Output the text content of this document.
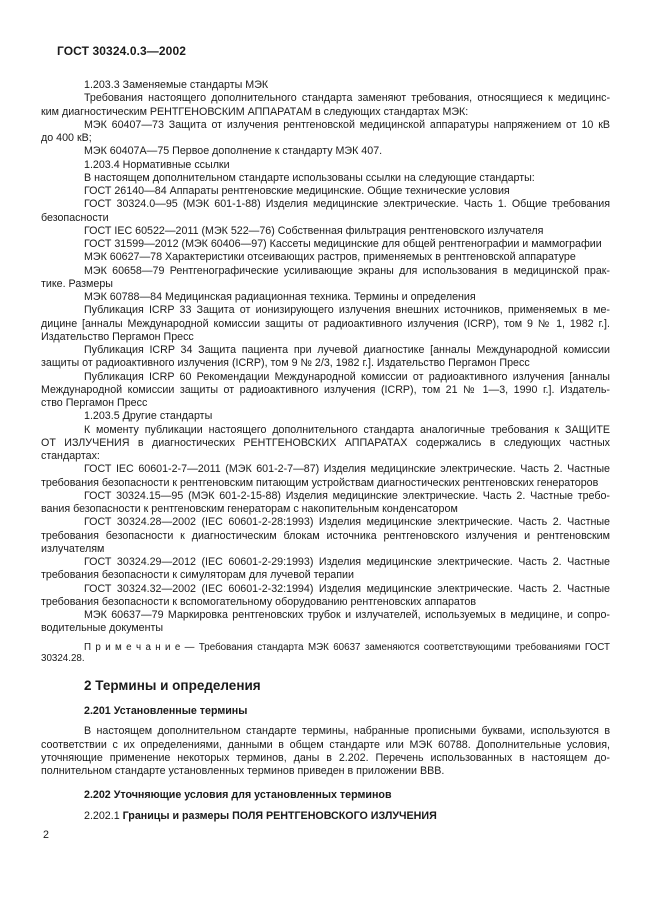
ГОСТ 30324.0.3—2002
1.203.3 Заменяемые стандарты МЭК
Требования настоящего дополнительного стандарта заменяют требования, относящиеся к медицинс-
ким диагностическим РЕНТГЕНОВСКИМ АППАРАТАМ в следующих стандартах МЭК:
МЭК 60407—73 Защита от излучения рентгеновской медицинской аппаратуры напряжением от 10 кВ
до 400 кВ;
МЭК 60407А—75 Первое дополнение к стандарту МЭК 407.
1.203.4 Нормативные ссылки
В настоящем дополнительном стандарте использованы ссылки на следующие стандарты:
ГОСТ 26140—84 Аппараты рентгеновские медицинские. Общие технические условия
ГОСТ 30324.0—95 (МЭК 601-1-88) Изделия медицинские электрические. Часть 1. Общие требования
безопасности
ГОСТ IEC 60522—2011 (МЭК 522—76) Собственная фильтрация рентгеновского излучателя
ГОСТ 31599—2012 (МЭК 60406—97) Кассеты медицинские для общей рентгенографии и маммографии
МЭК 60627—78 Характеристики отсеивающих растров, применяемых в рентгеновской аппаратуре
МЭК 60658—79 Рентгенографические усиливающие экраны для использования в медицинской прак-
тике. Размеры
МЭК 60788—84 Медицинская радиационная техника. Термины и определения
Публикация ICRP 33 Защита от ионизирующего излучения внешних источников, применяемых в ме-
дицине [анналы Международной комиссии защиты от радиоактивного излучения (ICRP), том 9 № 1, 1982 г.].
Издательство Пергамон Пресс
Публикация ICRP 34 Защита пациента при лучевой диагностике [анналы Международной комиссии
защиты от радиоактивного излучения (ICRP), том 9 № 2/3, 1982 г.]. Издательство Пергамон Пресс
Публикация ICRP 60 Рекомендации Международной комиссии от радиоактивного излучения [анналы
Международной комиссии защиты от радиоактивного излучения (ICRP), том 21 № 1—3, 1990 г.]. Издатель-
ство Пергамон Пресс
1.203.5 Другие стандарты
К моменту публикации настоящего дополнительного стандарта аналогичные требования к ЗАЩИТЕ
ОТ ИЗЛУЧЕНИЯ в диагностических РЕНТГЕНОВСКИХ АППАРАТАХ содержались в следующих частных
стандартах:
ГОСТ IEC 60601-2-7—2011 (МЭК 601-2-7—87) Изделия медицинские электрические. Часть 2. Частные
требования безопасности к рентгеновским питающим устройствам диагностических рентгеновских генераторов
ГОСТ 30324.15—95 (МЭК 601-2-15-88) Изделия медицинские электрические. Часть 2. Частные требо-
вания безопасности к рентгеновским генераторам с накопительным конденсатором
ГОСТ 30324.28—2002 (IEC 60601-2-28:1993) Изделия медицинские электрические. Часть 2. Частные
требования безопасности к диагностическим блокам источника рентгеновского излучения и рентгеновским
излучателям
ГОСТ 30324.29—2012 (IEC 60601-2-29:1993) Изделия медицинские электрические. Часть 2. Частные
требования безопасности к симуляторам для лучевой терапии
ГОСТ 30324.32—2002 (IEC 60601-2-32:1994) Изделия медицинские электрические. Часть 2. Частные
требования безопасности к вспомогательному оборудованию рентгеновских аппаратов
МЭК 60637—79 Маркировка рентгеновских трубок и излучателей, используемых в медицине, и сопро-
водительные документы
П р и м е ч а н и е — Требования стандарта МЭК 60637 заменяются соответствующими требованиями ГОСТ
30324.28.
2 Термины и определения
2.201 Установленные термины
В настоящем дополнительном стандарте термины, набранные прописными буквами, используются в
соответствии с их определениями, данными в общем стандарте или МЭК 60788. Дополнительные условия,
уточняющие применение некоторых терминов, даны в 2.202. Перечень использованных в настоящем до-
полнительном стандарте установленных терминов приведен в приложении ВВВ.
2.202 Уточняющие условия для установленных терминов
2.202.1 Границы и размеры ПОЛЯ РЕНТГЕНОВСКОГО ИЗЛУЧЕНИЯ
2
